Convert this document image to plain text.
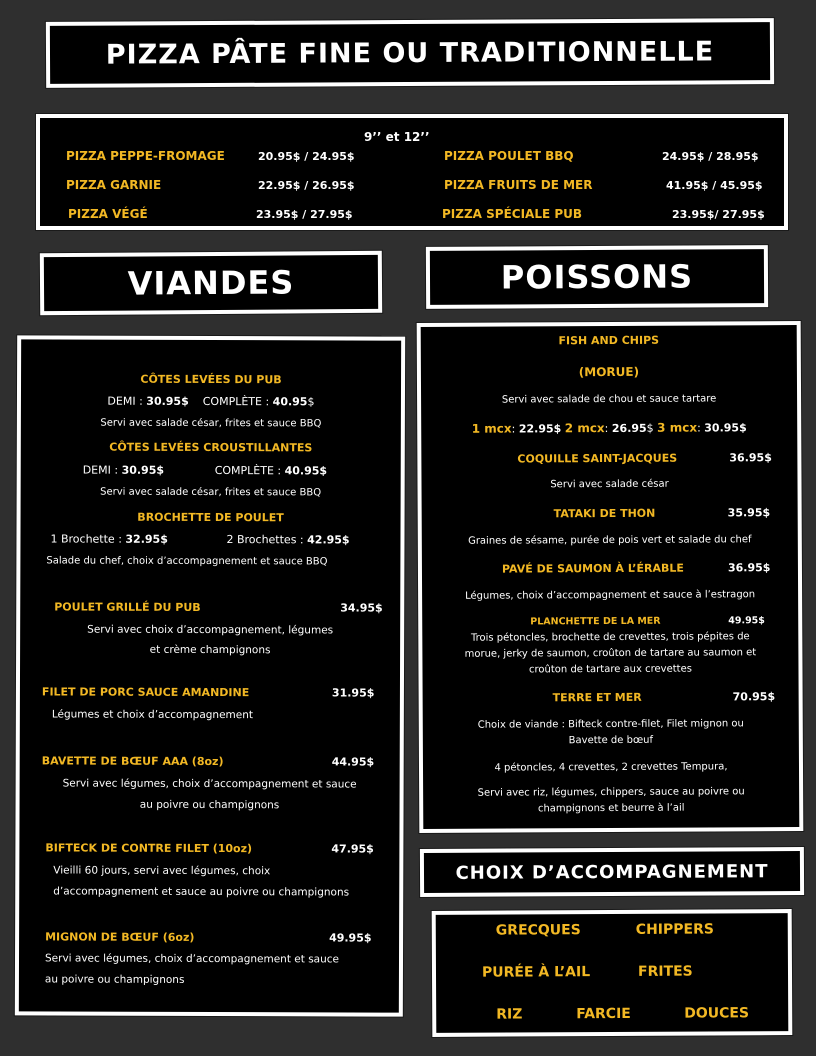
PIZZA PÂTE FINE OU TRADITIONNELLE
9’’ et 12’’
PIZZA PEPPE-FROMAGE	20.95$ / 24.95$
PIZZA GARNIE	22.95$ / 26.95$
PIZZA VÉGÉ	23.95$ / 27.95$
PIZZA POULET BBQ	24.95$ / 28.95$
PIZZA FRUITS DE MER	41.95$ / 45.95$
PIZZA SPÉCIALE PUB	23.95$/ 27.95$
VIANDES	POISSONS
CÔTES LEVÉES DU PUB
DEMI : 30.95$ COMPLÈTE : 40.95$
Servi avec salade césar, frites et sauce BBQ
CÔTES LEVÉES CROUSTILLANTES
DEMI : 30.95$	COMPLÈTE : 40.95$
Servi avec salade césar, frites et sauce BBQ
BROCHETTE DE POULET
1 Brochette : 32.95$	2 Brochettes : 42.95$
Salade du chef, choix d’accompagnement et sauce BBQ
POULET GRILLÉ DU PUB	34.95$
Servi avec choix d’accompagnement, légumes
et crème champignons
FILET DE PORC SAUCE AMANDINE	31.95$
Légumes et choix d’accompagnement
BAVETTE DE BŒUF AAA (8oz)	44.95$
Servi avec légumes, choix d’accompagnement et sauce
au poivre ou champignons
BIFTECK DE CONTRE FILET (10oz)	47.95$
Vieilli 60 jours, servi avec légumes, choix
d’accompagnement et sauce au poivre ou champignons
MIGNON DE BŒUF (6oz)	49.95$
Servi avec légumes, choix d’accompagnement et sauce
au poivre ou champignons
FISH AND CHIPS
(MORUE)
Servi avec salade de chou et sauce tartare
1 mcx: 22.95$ 2 mcx: 26.95$ 3 mcx: 30.95$
COQUILLE SAINT-JACQUES	36.95$
Servi avec salade césar
TATAKI DE THON	35.95$
Graines de sésame, purée de pois vert et salade du chef
PAVÉ DE SAUMON À L’ÉRABLE	36.95$
Légumes, choix d’accompagnement et sauce à l’estragon
PLANCHETTE DE LA MER	49.95$
Trois pétoncles, brochette de crevettes, trois pépites de
morue, jerky de saumon, croûton de tartare au saumon et
croûton de tartare aux crevettes
TERRE ET MER	70.95$
Choix de viande : Bifteck contre-filet, Filet mignon ou
Bavette de bœuf
4 pétoncles, 4 crevettes, 2 crevettes Tempura,
Servi avec riz, légumes, chippers, sauce au poivre ou
champignons et beurre à l’ail
CHOIX D’ACCOMPAGNEMENT
GRECQUES	CHIPPERS
PURÉE À L’AIL	FRITES
RIZ	FARCIE	DOUCES
